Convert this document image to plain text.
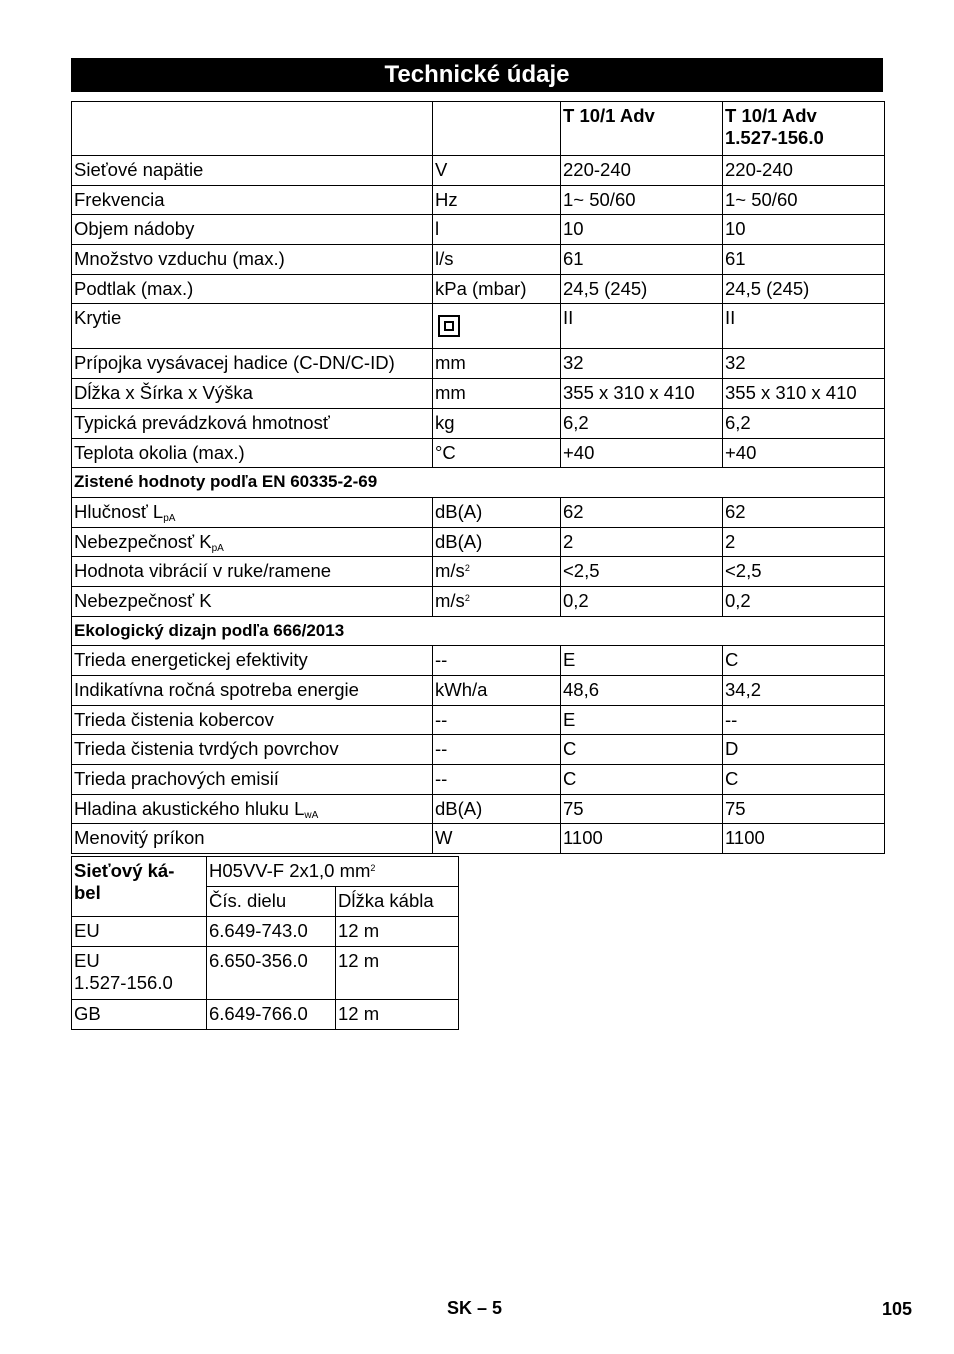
Technické údaje
		T 10/1 Adv	T 10/1 Adv
1.527-156.0
Sieťové napätie	V	220-240	220-240
Frekvencia	Hz	1~ 50/60	1~ 50/60
Objem nádoby	l	10	10
Množstvo vzduchu (max.)	l/s	61	61
Podtlak (max.)	kPa (mbar)	24,5 (245)	24,5 (245)
Krytie		II	II
Prípojka vysávacej hadice (C-DN/C-ID)	mm	32	32
Dĺžka x Šírka x Výška	mm	355 x 310 x 410	355 x 310 x 410
Typická prevádzková hmotnosť	kg	6,2	6,2
Teplota okolia (max.)	°C	+40	+40
Zistené hodnoty podľa EN 60335-2-69			
Hlučnosť $L_{pA}$	dB(A)	62	62
Nebezpečnosť $K_{pA}$	dB(A)	2	2
Hodnota vibrácií v ruke/ramene	$m/s^2$	<2,5	<2,5
Nebezpečnosť K	$m/s^2$	0,2	0,2
Ekologický dizajn podľa 666/2013			
Trieda energetickej efektivity	--	E	C
Indikatívna ročná spotreba energie	kWh/a	48,6	34,2
Trieda čistenia kobercov	--	E	--
Trieda čistenia tvrdých povrchov	--	C	D
Trieda prachových emisií	--	C	C
Hladina akustického hluku $L_{wA}$	dB(A)	75	75
Menovitý príkon	W	1100	1100
Sieťový ká-
bel	H05VV-F 2x1,0 $mm^2$
	Čís. dielu	Dĺžka kábla
EU	6.649-743.0	12 m
EU
1.527-156.0	6.650-356.0	12 m
GB	6.649-766.0	12 m
SK – 5	105
